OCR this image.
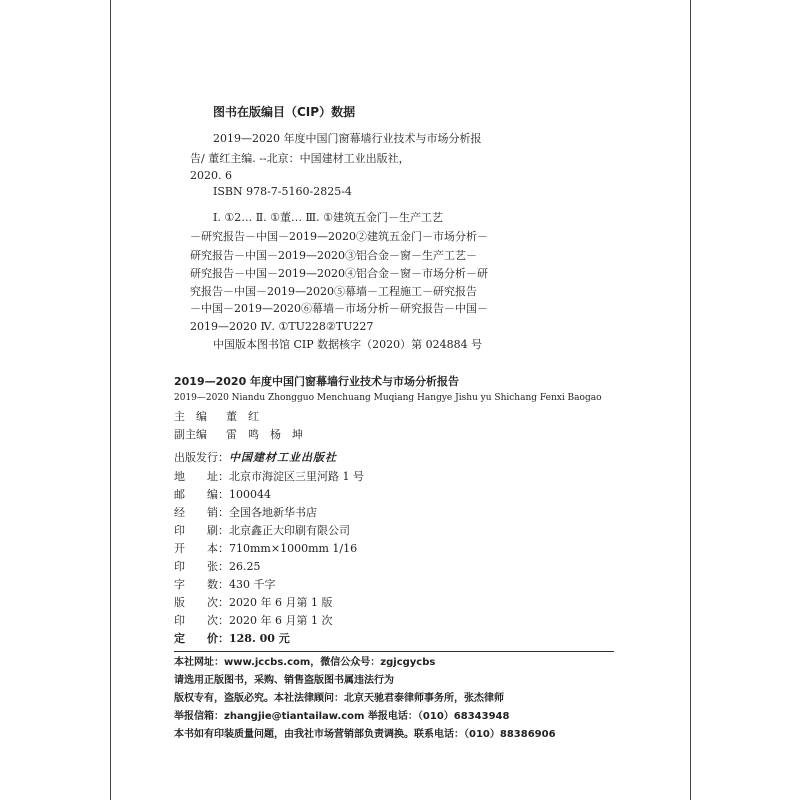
图书在版编目（CIP）数据
2019—2020 年度中国门窗幕墙行业技术与市场分析报
告/ 董红主编. --北京：中国建材工业出版社，
2020. 6
ISBN 978-7-5160-2825-4
Ⅰ. ①2… Ⅱ. ①董… Ⅲ. ①建筑五金门－生产工艺
－研究报告－中国－2019—2020②建筑五金门－市场分析－
研究报告－中国－2019—2020③铝合金－窗－生产工艺－
研究报告－中国－2019—2020④铝合金－窗－市场分析－研
究报告－中国－2019—2020⑤幕墙－工程施工－研究报告
－中国－2019—2020⑥幕墙－市场分析－研究报告－中国－
2019—2020 Ⅳ. ①TU228②TU227
中国版本图书馆 CIP 数据核字（2020）第 024884 号
2019—2020 年度中国门窗幕墙行业技术与市场分析报告
2019—2020 Niandu Zhongguo Menchuang Muqiang Hangye Jishu yu Shichang Fenxi Baogao
主　编 董　红
副主编 雷　鸣　杨　坤
出版发行：中国建材工业出版社
地 址：北京市海淀区三里河路 1 号
邮 编：100044
经 销：全国各地新华书店
印 刷：北京鑫正大印刷有限公司
开 本：710mm×1000mm 1/16
印 张：26.25
字 数：430 千字
版 次：2020 年 6 月第 1 版
印 次：2020 年 6 月第 1 次
定 价：128. 00 元
本社网址：www.jccbs.com，微信公众号：zgjcgycbs
请选用正版图书，采购、销售盗版图书属违法行为
版权专有，盗版必究。本社法律顾问：北京天驰君泰律师事务所，张杰律师
举报信箱：zhangjie@tiantailaw.com 举报电话：（010）68343948
本书如有印装质量问题，由我社市场营销部负责调换。联系电话：（010）88386906
